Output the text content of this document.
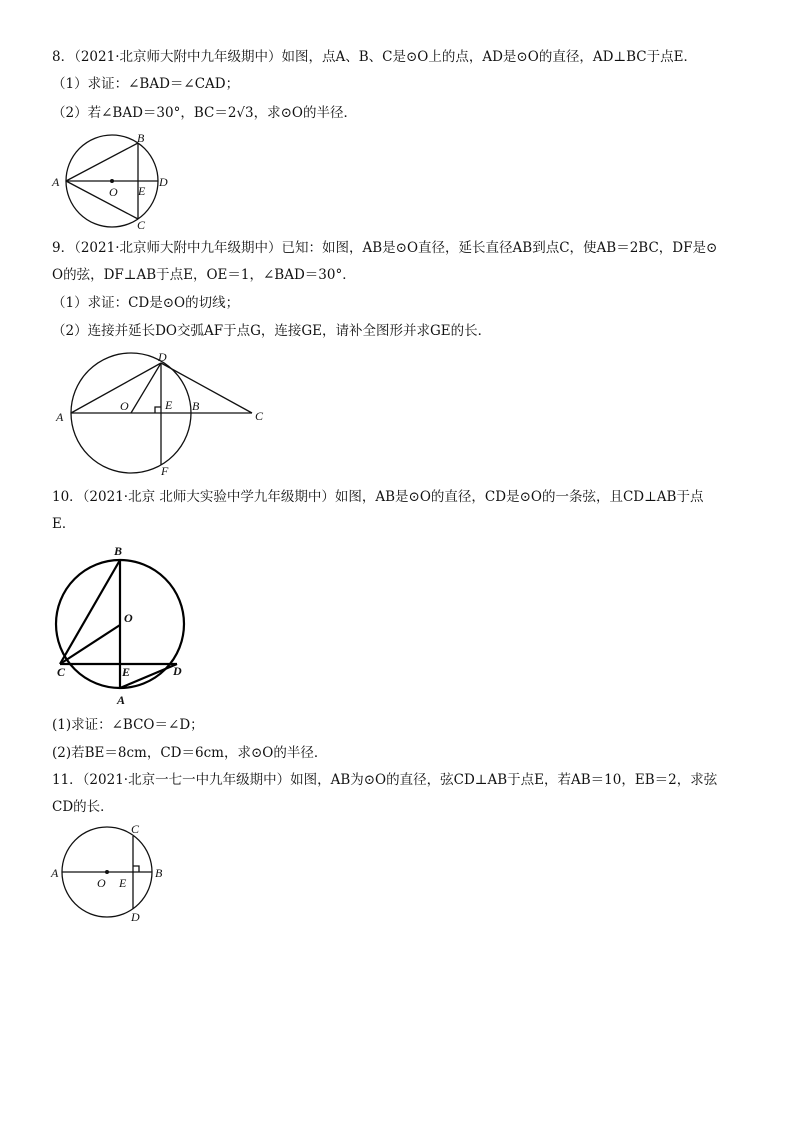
8．（2021·北京师大附中九年级期中）如图，点A、B、C是⊙O上的点，AD是⊙O的直径，AD⊥BC于点E．
（1）求证：∠BAD＝∠CAD；
（2）若∠BAD＝30°，BC＝2√3，求⊙O的半径．
A
B
C
D
O E
9．（2021·北京师大附中九年级期中）已知：如图，AB是⊙O直径，延长直径AB到点C，使AB＝2BC，DF是⊙
O的弦，DF⊥AB于点E，OE＝1，∠BAD＝30°．
（1）求证：CD是⊙O的切线；
（2）连接并延长DO交弧AF于点G，连接GE，请补全图形并求GE的长．
D
A
O	E B
C
F
10．（2021·北京 北师大实验中学九年级期中）如图，AB是⊙O的直径，CD是⊙O的一条弦，且CD⊥AB于点
E．
B
O
C	E	D
A
(1)求证：∠BCO＝∠D；
(2)若BE＝8cm，CD＝6cm，求⊙O的半径．
11．（2021·北京一七一中九年级期中）如图，AB为⊙O的直径，弦CD⊥AB于点E，若AB＝10，EB＝2，求弦
CD的长．
C
A
O E
B
D
